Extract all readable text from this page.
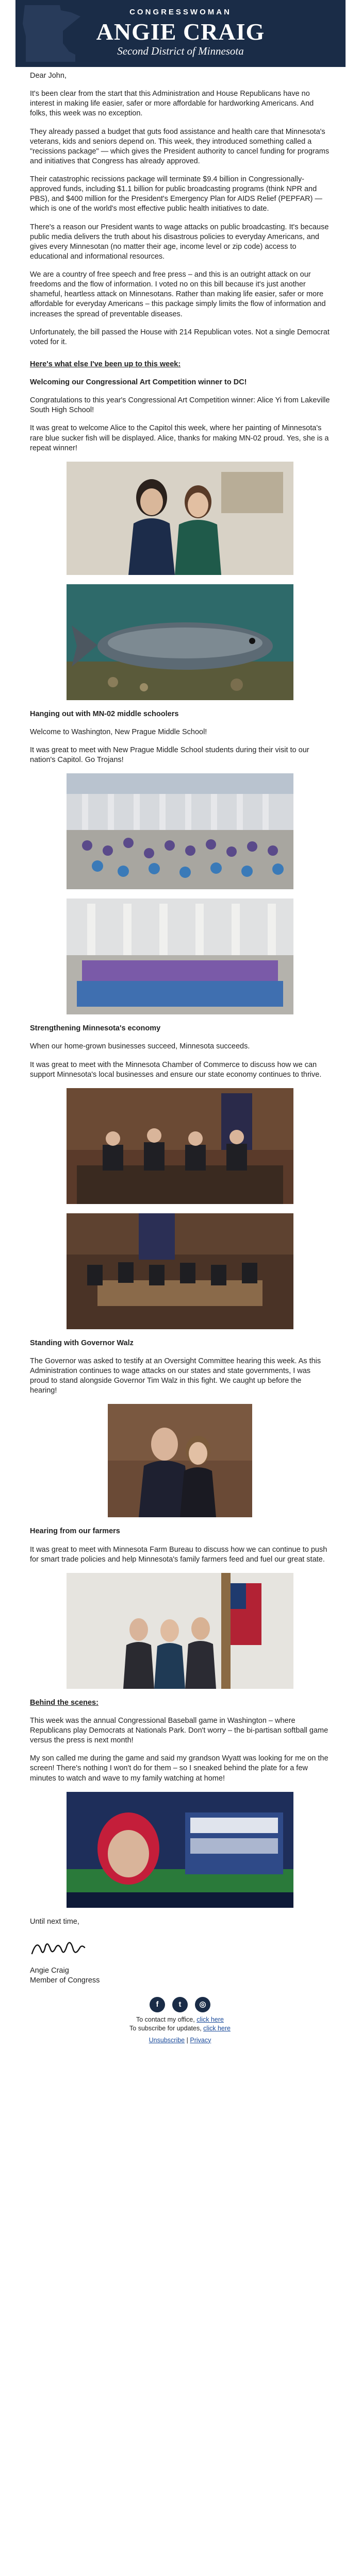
CONGRESSWOMAN
ANGIE CRAIG
Second District of Minnesota

Dear John,

It's been clear from the start that this Administration and House Republicans have no interest in making life easier, safer or more affordable for hardworking Americans. And folks, this week was no exception.

They already passed a budget that guts food assistance and health care that Minnesota's veterans, kids and seniors depend on. This week, they introduced something called a "recissions package" — which gives the President authority to cancel funding for programs and initiatives that Congress has already approved.

Their catastrophic recissions package will terminate $9.4 billion in Congressionally-approved funds, including $1.1 billion for public broadcasting programs (think NPR and PBS), and $400 million for the President's Emergency Plan for AIDS Relief (PEPFAR) — which is one of the world's most effective public health initiatives to date.

There's a reason our President wants to wage attacks on public broadcasting. It's because public media delivers the truth about his disastrous policies to everyday Americans, and gives every Minnesotan (no matter their age, income level or zip code) access to educational and informational resources.

We are a country of free speech and free press – and this is an outright attack on our freedoms and the flow of information. I voted no on this bill because it's just another shameful, heartless attack on Minnesotans. Rather than making life easier, safer or more affordable for everyday Americans – this package simply limits the flow of information and increases the spread of preventable diseases.

Unfortunately, the bill passed the House with 214 Republican votes. Not a single Democrat voted for it.

Here's what else I've been up to this week:

Welcoming our Congressional Art Competition winner to DC!

Congratulations to this year's Congressional Art Competition winner: Alice Yi from Lakeville South High School!

It was great to welcome Alice to the Capitol this week, where her painting of Minnesota's rare blue sucker fish will be displayed. Alice, thanks for making MN-02 proud. Yes, she is a repeat winner!

Hanging out with MN-02 middle schoolers

Welcome to Washington, New Prague Middle School!

It was great to meet with New Prague Middle School students during their visit to our nation's Capitol. Go Trojans!

Strengthening Minnesota's economy

When our home-grown businesses succeed, Minnesota succeeds.

It was great to meet with the Minnesota Chamber of Commerce to discuss how we can support Minnesota's local businesses and ensure our state economy continues to thrive.

Standing with Governor Walz

The Governor was asked to testify at an Oversight Committee hearing this week. As this Administration continues to wage attacks on our states and state governments, I was proud to stand alongside Governor Tim Walz in this fight. We caught up before the hearing!

Hearing from our farmers

It was great to meet with Minnesota Farm Bureau to discuss how we can continue to push for smart trade policies and help Minnesota's family farmers feed and fuel our great state.

Behind the scenes:

This week was the annual Congressional Baseball game in Washington – where Republicans play Democrats at Nationals Park. Don't worry – the bi-partisan softball game versus the press is next month!

My son called me during the game and said my grandson Wyatt was looking for me on the screen! There's nothing I won't do for them – so I sneaked behind the plate for a few minutes to watch and wave to my family watching at home!

Until next time,

Angie Craig
Member of Congress
f	t	◎
To contact my office, click here
To subscribe for updates, click here
Unsubscribe | Privacy
